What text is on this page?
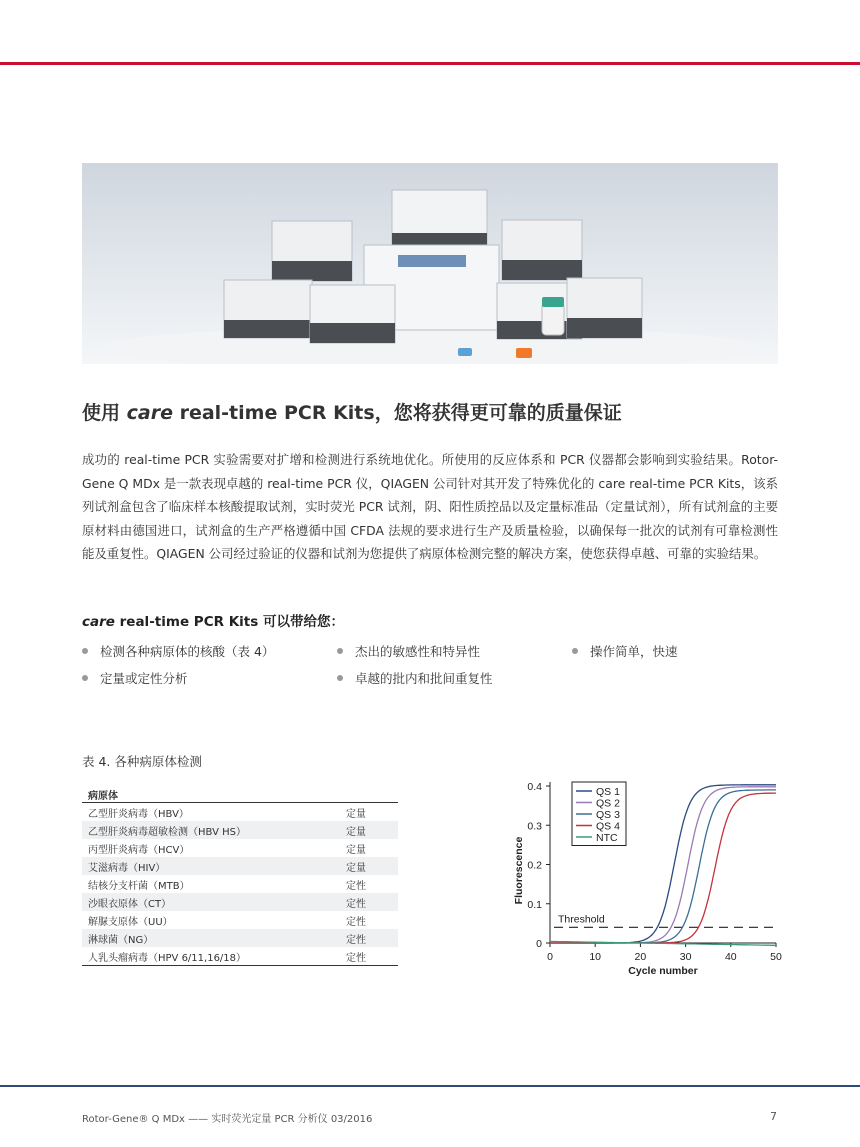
使用 care real-time PCR Kits，您将获得更可靠的质量保证

成功的 real-time PCR 实验需要对扩增和检测进行系统地优化。所使用的反应体系和 PCR 仪器都会影响到实验结果。Rotor-Gene Q MDx 是一款表现卓越的 real-time PCR 仪，QIAGEN 公司针对其开发了特殊优化的 care real-time PCR Kits，该系列试剂盒包含了临床样本核酸提取试剂，实时荧光 PCR 试剂，阴、阳性质控品以及定量标准品（定量试剂），所有试剂盒的主要原材料由德国进口，试剂盒的生产严格遵循中国 CFDA 法规的要求进行生产及质量检验，以确保每一批次的试剂有可靠检测性能及重复性。QIAGEN 公司经过验证的仪器和试剂为您提供了病原体检测完整的解决方案，使您获得卓越、可靠的实验结果。

care real-time PCR Kits 可以带给您：
检测各种病原体的核酸（表 4）	杰出的敏感性和特异性	操作简单，快速
定量或定性分析	卓越的批内和批间重复性
表 4. 各种病原体检测
病原体	
乙型肝炎病毒（HBV）	定量
乙型肝炎病毒超敏检测（HBV HS）	定量
丙型肝炎病毒（HCV）	定量
艾滋病毒（HIV）	定量
结核分支杆菌（MTB）	定性
沙眼衣原体（CT）	定性
解脲支原体（UU）	定性
淋球菌（NG）	定性
人乳头瘤病毒（HPV 6/11,16/18）	定性
0
0.1
0.2
0.3
0.4
0	10	20	30	40	50
Cycle number
Fluorescence
Threshold
QS 1
QS 2
QS 3
QS 4
NTC
Rotor-Gene® Q MDx —— 实时荧光定量 PCR 分析仪 03/2016	7
